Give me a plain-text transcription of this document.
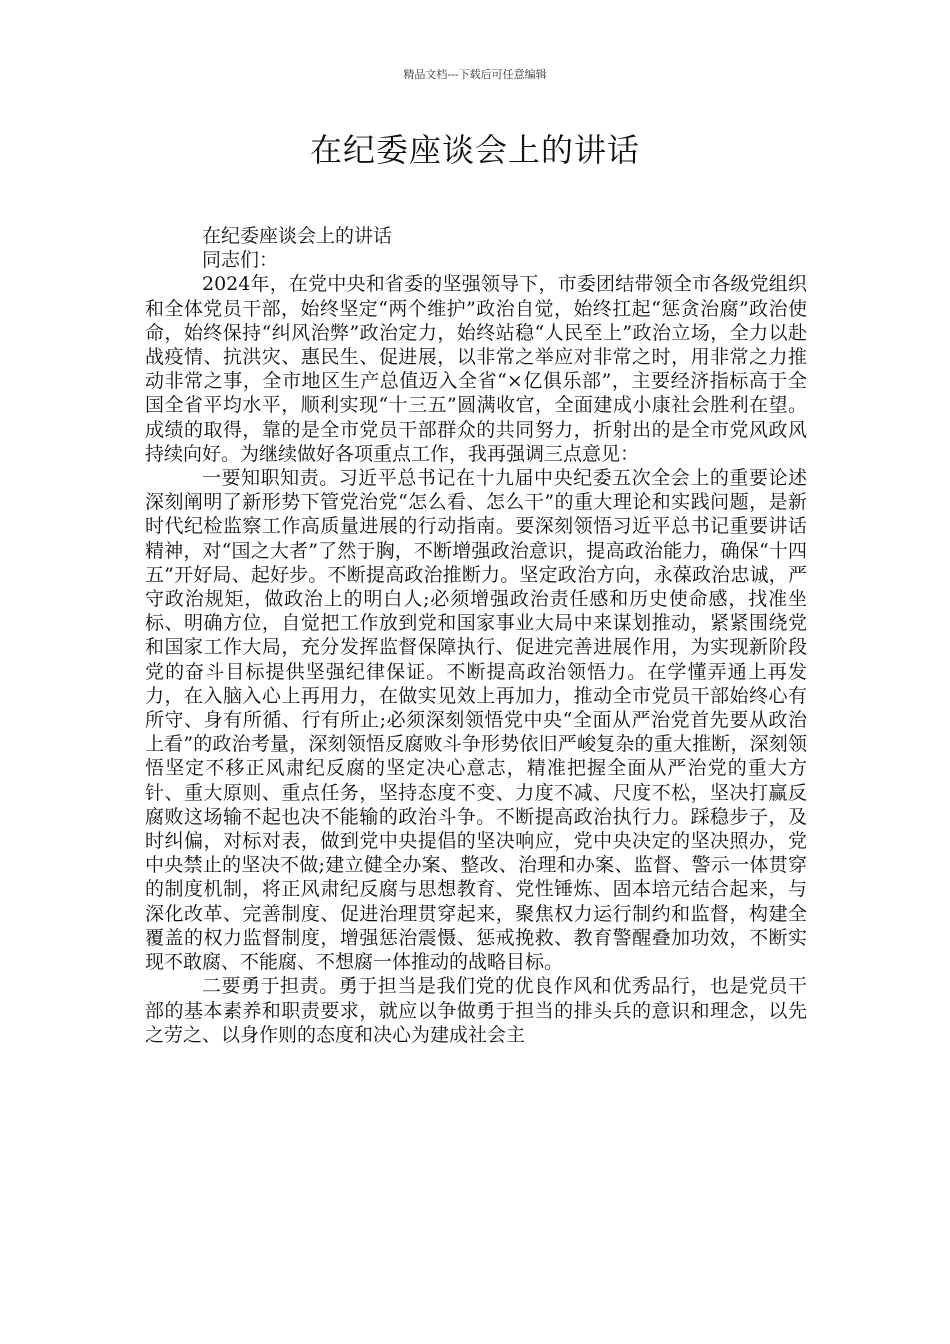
精品文档---下载后可任意编辑
在纪委座谈会上的讲话

在纪委座谈会上的讲话

同志们：

2024年，在党中央和省委的坚强领导下，市委团结带领全市各级党组织和全体党员干部，始终坚定“两个维护”政治自觉，始终扛起“惩贪治腐”政治使命，始终保持“纠风治弊”政治定力，始终站稳“人民至上”政治立场，全力以赴战疫情、抗洪灾、惠民生、促进展，以非常之举应对非常之时，用非常之力推动非常之事，全市地区生产总值迈入全省“×亿俱乐部”，主要经济指标高于全国全省平均水平，顺利实现“十三五”圆满收官，全面建成小康社会胜利在望。成绩的取得，靠的是全市党员干部群众的共同努力，折射出的是全市党风政风持续向好。为继续做好各项重点工作，我再强调三点意见：

一要知职知责。习近平总书记在十九届中央纪委五次全会上的重要论述深刻阐明了新形势下管党治党“怎么看、怎么干”的重大理论和实践问题，是新时代纪检监察工作高质量进展的行动指南。要深刻领悟习近平总书记重要讲话精神，对“国之大者”了然于胸，不断增强政治意识，提高政治能力，确保“十四五”开好局、起好步。不断提高政治推断力。坚定政治方向，永葆政治忠诚，严守政治规矩，做政治上的明白人;必须增强政治责任感和历史使命感，找准坐标、明确方位，自觉把工作放到党和国家事业大局中来谋划推动，紧紧围绕党和国家工作大局，充分发挥监督保障执行、促进完善进展作用，为实现新阶段党的奋斗目标提供坚强纪律保证。不断提高政治领悟力。在学懂弄通上再发力，在入脑入心上再用力，在做实见效上再加力，推动全市党员干部始终心有所守、身有所循、行有所止;必须深刻领悟党中央“全面从严治党首先要从政治上看”的政治考量，深刻领悟反腐败斗争形势依旧严峻复杂的重大推断，深刻领悟坚定不移正风肃纪反腐的坚定决心意志，精准把握全面从严治党的重大方针、重大原则、重点任务，坚持态度不变、力度不减、尺度不松，坚决打赢反腐败这场输不起也决不能输的政治斗争。不断提高政治执行力。踩稳步子，及时纠偏，对标对表，做到党中央提倡的坚决响应，党中央决定的坚决照办，党中央禁止的坚决不做;建立健全办案、整改、治理和办案、监督、警示一体贯穿的制度机制，将正风肃纪反腐与思想教育、党性锤炼、固本培元结合起来，与深化改革、完善制度、促进治理贯穿起来，聚焦权力运行制约和监督，构建全覆盖的权力监督制度，增强惩治震慑、惩戒挽救、教育警醒叠加功效，不断实现不敢腐、不能腐、不想腐一体推动的战略目标。

二要勇于担责。勇于担当是我们党的优良作风和优秀品行，也是党员干部的基本素养和职责要求，就应以争做勇于担当的排头兵的意识和理念，以先之劳之、以身作则的态度和决心为建成社会主
